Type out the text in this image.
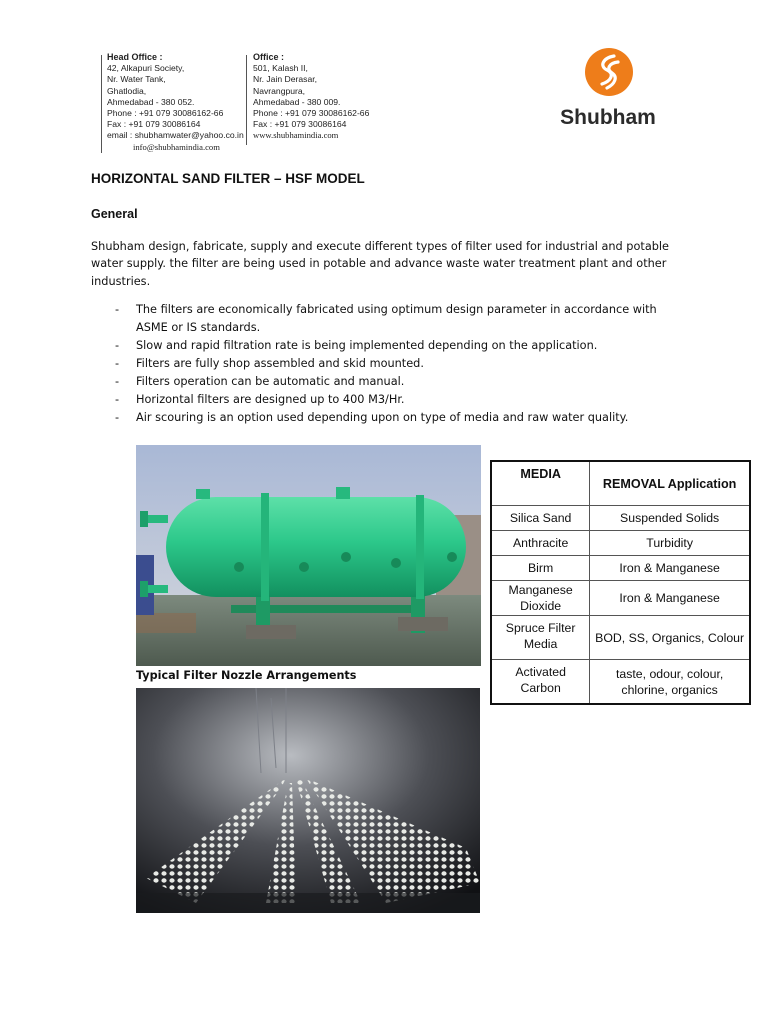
Head Office :
42, Alkapuri Society,
Nr. Water Tank,
Ghatlodia,
Ahmedabad - 380 052.
Phone : +91 079 30086162-66
Fax : +91 079 30086164
email : shubhamwater@yahoo.co.in
info@shubhamindia.com
Office :
501, Kalash II,
Nr. Jain Derasar,
Navrangpura,
Ahmedabad - 380 009.
Phone : +91 079 30086162-66
Fax : +91 079 30086164
www.shubhamindia.com
Shubham
HORIZONTAL SAND FILTER – HSF MODEL
General

Shubham design, fabricate, supply and execute different types of filter used for industrial and potable water supply. the filter are being used in potable and advance waste water treatment plant and other industries.

- The filters are economically fabricated using optimum design parameter in accordance with ASME or IS standards.
- Slow and rapid filtration rate is being implemented depending on the application.
- Filters are fully shop assembled and skid mounted.
- Filters operation can be automatic and manual.
- Horizontal filters are designed up to 400 M3/Hr.
- Air scouring is an option used depending upon on type of media and raw water quality.
Typical Filter Nozzle Arrangements
MEDIA	REMOVAL Application
Silica Sand	Suspended Solids
Anthracite	Turbidity
Birm	Iron & Manganese
Manganese Dioxide	Iron & Manganese
Spruce Filter Media	BOD, SS, Organics, Colour
Activated Carbon	taste, odour, colour, chlorine, organics
